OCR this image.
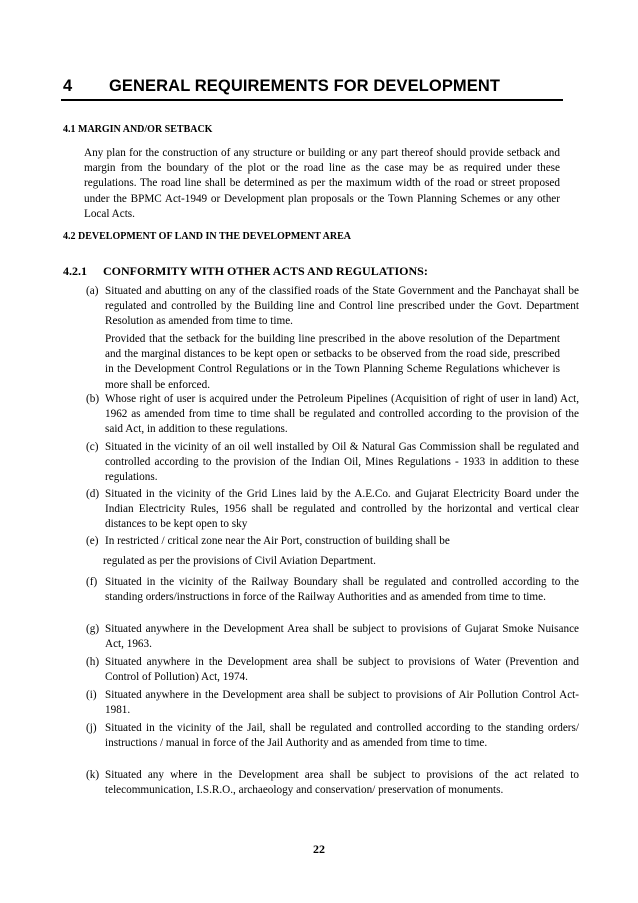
4 GENERAL REQUIREMENTS FOR DEVELOPMENT
4.1 MARGIN AND/OR SETBACK
Any plan for the construction of any structure or building or any part thereof should provide setback and margin from the boundary of the plot or the road line as the case may be as required under these regulations. The road line shall be determined as per the maximum width of the road or street proposed under the BPMC Act-1949 or Development plan proposals or the Town Planning Schemes or any other Local Acts.
4.2 DEVELOPMENT OF LAND IN THE DEVELOPMENT AREA
4.2.1 CONFORMITY WITH OTHER ACTS AND REGULATIONS:
(a) Situated and abutting on any of the classified roads of the State Government and the Panchayat shall be regulated and controlled by the Building line and Control line prescribed under the Govt. Department Resolution as amended from time to time.
Provided that the setback for the building line prescribed in the above resolution of the Department and the marginal distances to be kept open or setbacks to be observed from the road side, prescribed in the Development Control Regulations or in the Town Planning Scheme Regulations whichever is more shall be enforced.
(b) Whose right of user is acquired under the Petroleum Pipelines (Acquisition of right of user in land) Act, 1962 as amended from time to time shall be regulated and controlled according to the provision of the said Act, in addition to these regulations.
(c) Situated in the vicinity of an oil well installed by Oil & Natural Gas Commission shall be regulated and controlled according to the provision of the Indian Oil, Mines Regulations - 1933 in addition to these regulations.
(d) Situated in the vicinity of the Grid Lines laid by the A.E.Co. and Gujarat Electricity Board under the Indian Electricity Rules, 1956 shall be regulated and controlled by the horizontal and vertical clear distances to be kept open to sky
(e) In restricted / critical zone near the Air Port, construction of building shall be
regulated as per the provisions of Civil Aviation Department.
(f) Situated in the vicinity of the Railway Boundary shall be regulated and controlled according to the standing orders/instructions in force of the Railway Authorities and as amended from time to time.
(g) Situated anywhere in the Development Area shall be subject to provisions of Gujarat Smoke Nuisance Act, 1963.
(h) Situated anywhere in the Development area shall be subject to provisions of Water (Prevention and Control of Pollution) Act, 1974.
(i) Situated anywhere in the Development area shall be subject to provisions of Air Pollution Control Act-1981.
(j) Situated in the vicinity of the Jail, shall be regulated and controlled according to the standing orders/ instructions / manual in force of the Jail Authority and as amended from time to time.
(k) Situated any where in the Development area shall be subject to provisions of the act related to telecommunication, I.S.R.O., archaeology and conservation/ preservation of monuments.
22
